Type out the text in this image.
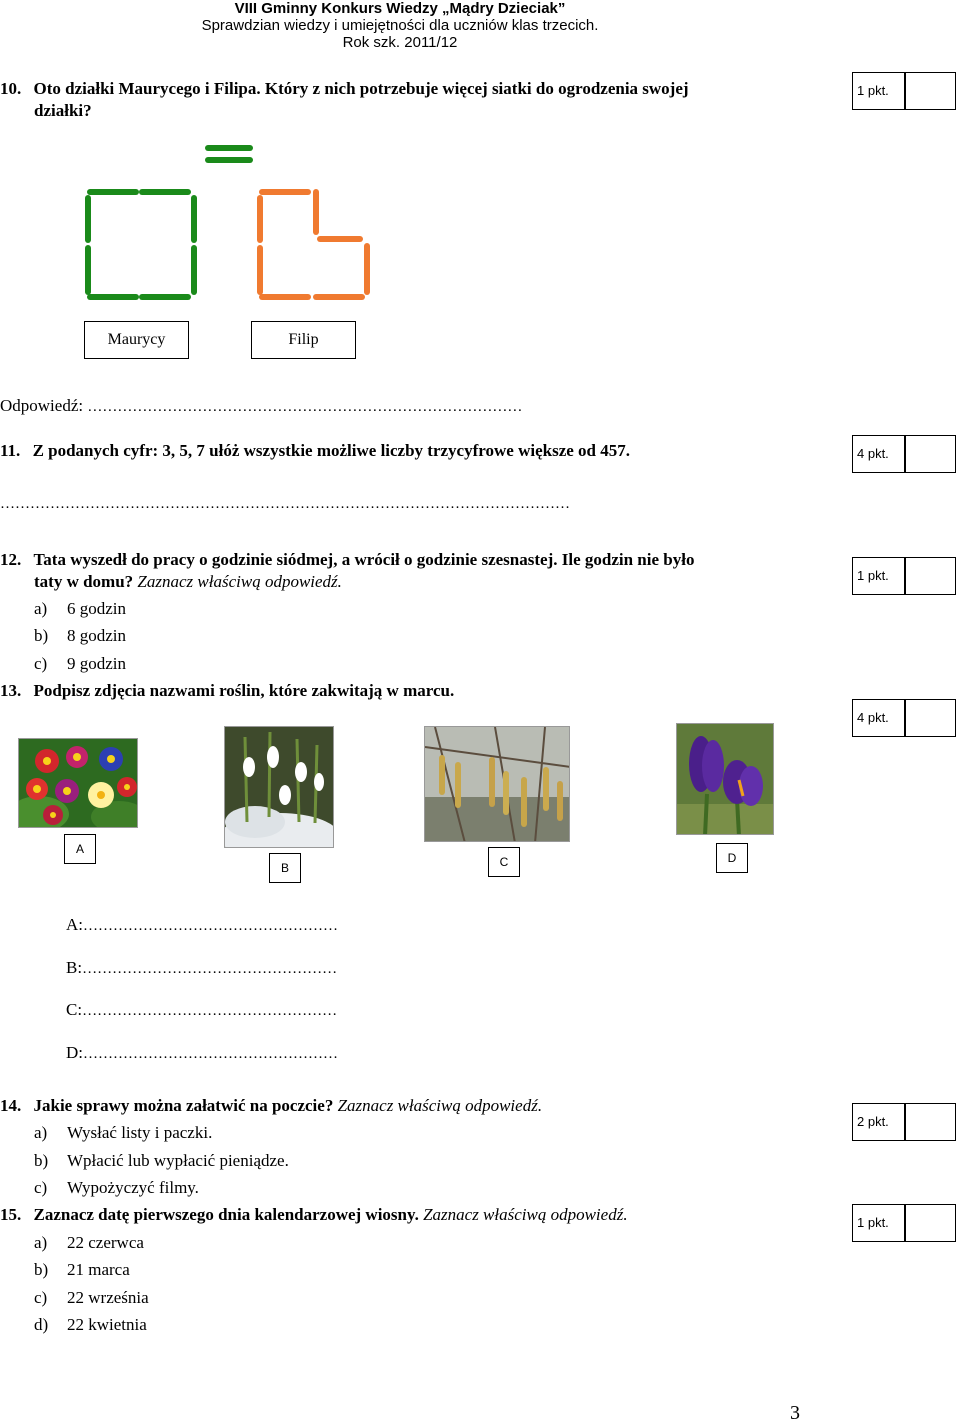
VIII Gminny Konkurs Wiedzy „Mądry Dzieciak”
Sprawdzian wiedzy i umiejętności dla uczniów klas trzecich.
Rok szk. 2011/12
10. Oto działki Maurycego i Filipa. Który z nich potrzebuje więcej siatki do ogrodzenia swojej
działki?
1 pkt.
Maurycy	Filip
Odpowiedź: ……………………………………………………………………………
11. Z podanych cyfr: 3, 5, 7 ułóż wszystkie możliwe liczby trzycyfrowe większe od 457.	4 pkt.
……………………………………………………………………………………………………
12. Tata wyszedł do pracy o godzinie siódmej, a wrócił o godzinie szesnastej. Ile godzin nie było
taty w domu? Zaznacz właściwą odpowiedź.	1 pkt.
a) 6 godzin
b) 8 godzin
c) 9 godzin
13. Podpisz zdjęcia nazwami roślin, które zakwitają w marcu.
4 pkt.
A
B	C	D
A:……………………………………………
B:……………………………………………
C:……………………………………………
D:……………………………………………
14. Jakie sprawy można załatwić na poczcie? Zaznacz właściwą odpowiedź.
2 pkt.
a) Wysłać listy i paczki.
b) Wpłacić lub wypłacić pieniądze.
c) Wypożyczyć filmy.
15. Zaznacz datę pierwszego dnia kalendarzowej wiosny. Zaznacz właściwą odpowiedź.	1 pkt.
a) 22 czerwca
b) 21 marca
c) 22 września
d) 22 kwietnia
3
